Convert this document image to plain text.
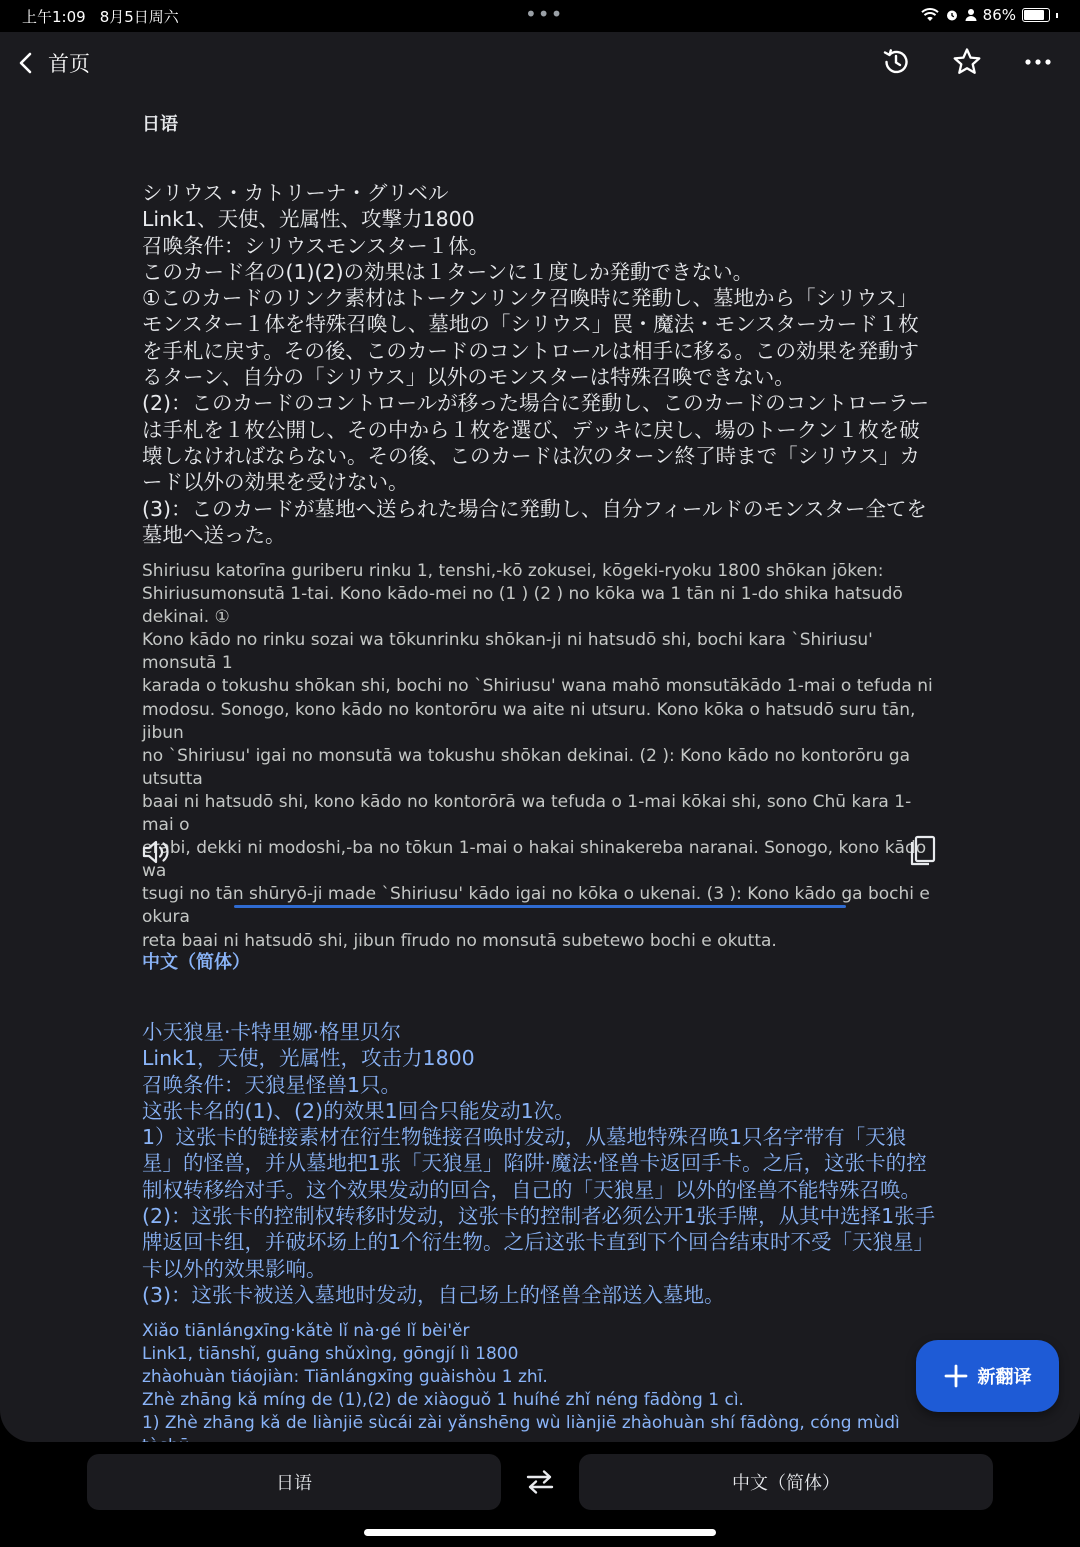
上午1:09 8月5日周六	•••	86%
首页
日语

シリウス・カトリーナ・グリベル
Link1、天使、光属性、攻撃力1800
召喚条件：シリウスモンスター１体。
このカード名の(1)(2)の効果は１ターンに１度しか発動できない。
①このカードのリンク素材はトークンリンク召喚時に発動し、墓地から「シリウス」
モンスター１体を特殊召喚し、墓地の「シリウス」罠・魔法・モンスターカード１枚
を手札に戻す。その後、このカードのコントロールは相手に移る。この効果を発動す
るターン、自分の「シリウス」以外のモンスターは特殊召喚できない。
(2)：このカードのコントロールが移った場合に発動し、このカードのコントローラー
は手札を１枚公開し、その中から１枚を選び、デッキに戻し、場のトークン１枚を破
壊しなければならない。その後、このカードは次のターン終了時まで「シリウス」カ
ード以外の効果を受けない。
(3)：このカードが墓地へ送られた場合に発動し、自分フィールドのモンスター全てを
墓地へ送った。

Shiriusu katorīna guriberu rinku 1, tenshi,-kō zokusei, kōgeki-ryoku 1800 shōkan jōken:
Shiriusumonsutā 1-tai. Kono kādo-mei no (1 ) (2 ) no kōka wa 1 tān ni 1-do shika hatsudō dekinai. ①
Kono kādo no rinku sozai wa tōkunrinku shōkan-ji ni hatsudō shi, bochi kara `Shiriusu' monsutā 1
karada o tokushu shōkan shi, bochi no `Shiriusu' wana mahō monsutākādo 1-mai o tefuda ni
modosu. Sonogo, kono kādo no kontorōru wa aite ni utsuru. Kono kōka o hatsudō suru tān, jibun
no `Shiriusu' igai no monsutā wa tokushu shōkan dekinai. (2 ): Kono kādo no kontorōru ga utsutta
baai ni hatsudō shi, kono kādo no kontorōrā wa tefuda o 1-mai kōkai shi, sono Chū kara 1-mai o
erabi, dekki ni modoshi,-ba no tōkun 1-mai o hakai shinakereba naranai. Sonogo, kono kādo wa
tsugi no tān shūryō-ji made `Shiriusu' kādo igai no kōka o ukenai. (3 ): Kono kādo ga bochi e okura
reta baai ni hatsudō shi, jibun fīrudo no monsutā subetewo bochi e okutta.

中文（简体）

小天狼星·卡特里娜·格里贝尔
Link1，天使，光属性，攻击力1800
召唤条件：天狼星怪兽1只。
这张卡名的(1)、(2)的效果1回合只能发动1次。
1）这张卡的链接素材在衍生物链接召唤时发动，从墓地特殊召唤1只名字带有「天狼
星」的怪兽，并从墓地把1张「天狼星」陷阱·魔法·怪兽卡返回手卡。之后，这张卡的控
制权转移给对手。这个效果发动的回合，自己的「天狼星」以外的怪兽不能特殊召唤。
(2)：这张卡的控制权转移时发动，这张卡的控制者必须公开1张手牌，从其中选择1张手
牌返回卡组，并破坏场上的1个衍生物。之后这张卡直到下个回合结束时不受「天狼星」
卡以外的效果影响。
(3)：这张卡被送入墓地时发动，自己场上的怪兽全部送入墓地。

Xiǎo tiānlángxīng·kǎtè lǐ nà·gé lǐ bèi'ěr
Link1, tiānshǐ, guāng shǔxìng, gōngjí lì 1800
zhàohuàn tiáojiàn: Tiānlángxīng guàishòu 1 zhī.
Zhè zhāng kǎ míng de (1),(2) de xiàoguǒ 1 huíhé zhǐ néng fādòng 1 cì.
1) Zhè zhāng kǎ de liànjiē sùcái zài yǎnshēng wù liànjiē zhàohuàn shí fādòng, cóng mùdì

新翻译
日语	中文（简体）
